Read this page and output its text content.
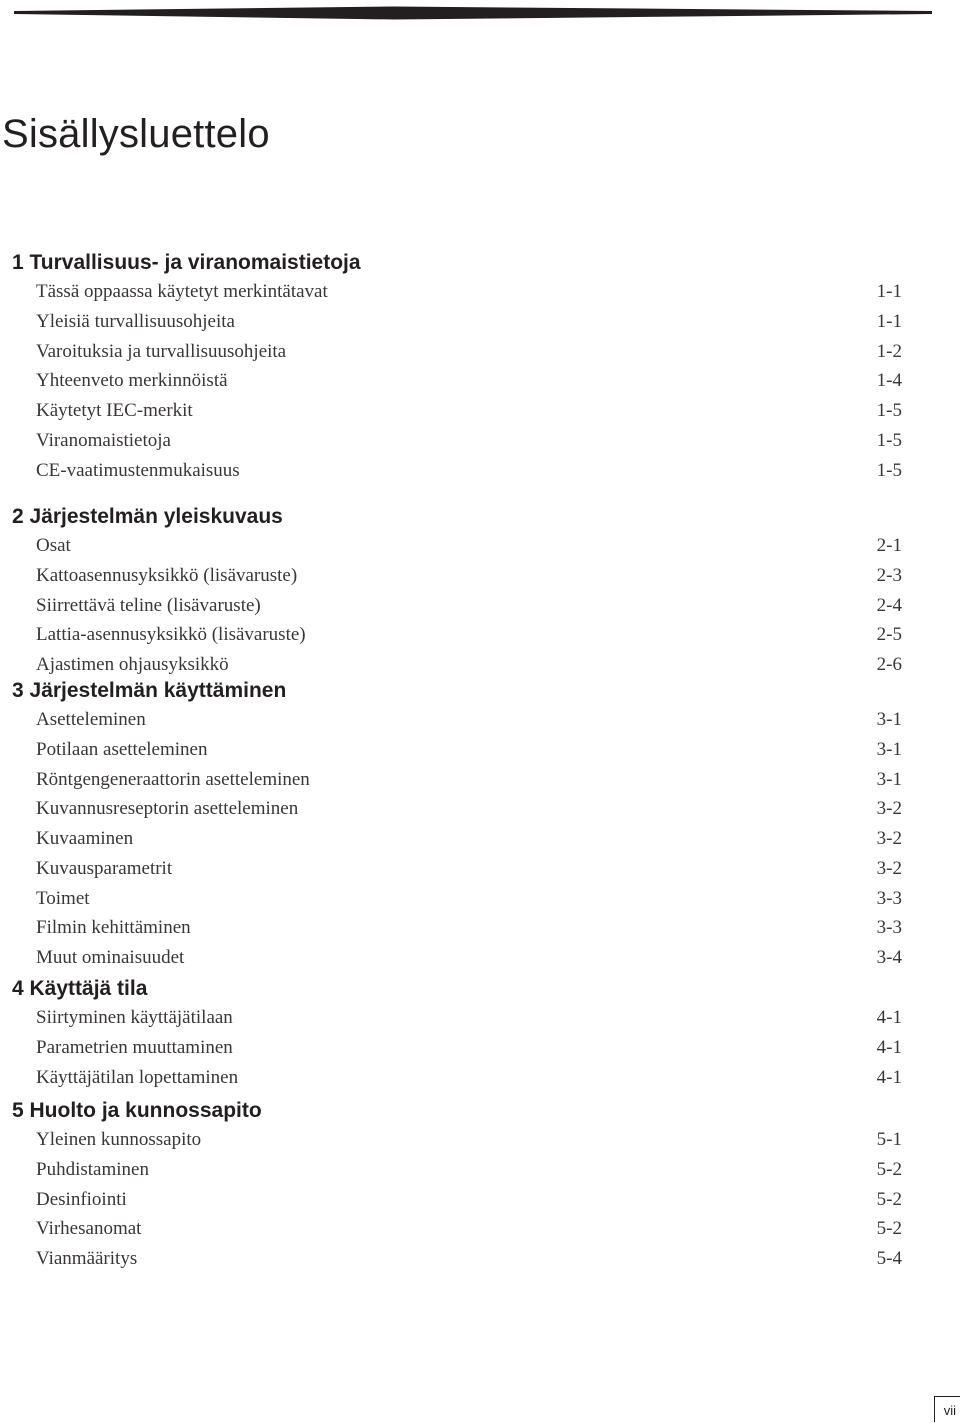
Sisällysluettelo
1 Turvallisuus- ja viranomaistietoja
Tässä oppaassa käytetyt merkintätavat	1-1
Yleisiä turvallisuusohjeita	1-1
Varoituksia ja turvallisuusohjeita	1-2
Yhteenveto merkinnöistä	1-4
Käytetyt IEC-merkit	1-5
Viranomaistietoja	1-5
CE-vaatimustenmukaisuus	1-5
2 Järjestelmän yleiskuvaus
Osat	2-1
Kattoasennusyksikkö (lisävaruste)	2-3
Siirrettävä teline (lisävaruste)	2-4
Lattia-asennusyksikkö (lisävaruste)	2-5
Ajastimen ohjausyksikkö	2-6
3 Järjestelmän käyttäminen
Asetteleminen	3-1
Potilaan asetteleminen	3-1
Röntgengeneraattorin asetteleminen	3-1
Kuvannusreseptorin asetteleminen	3-2
Kuvaaminen	3-2
Kuvausparametrit	3-2
Toimet	3-3
Filmin kehittäminen	3-3
Muut ominaisuudet	3-4
4 Käyttäjä tila
Siirtyminen käyttäjätilaan	4-1
Parametrien muuttaminen	4-1
Käyttäjätilan lopettaminen	4-1
5 Huolto ja kunnossapito
Yleinen kunnossapito	5-1
Puhdistaminen	5-2
Desinfiointi	5-2
Virhesanomat	5-2
Vianmääritys	5-4
vii
